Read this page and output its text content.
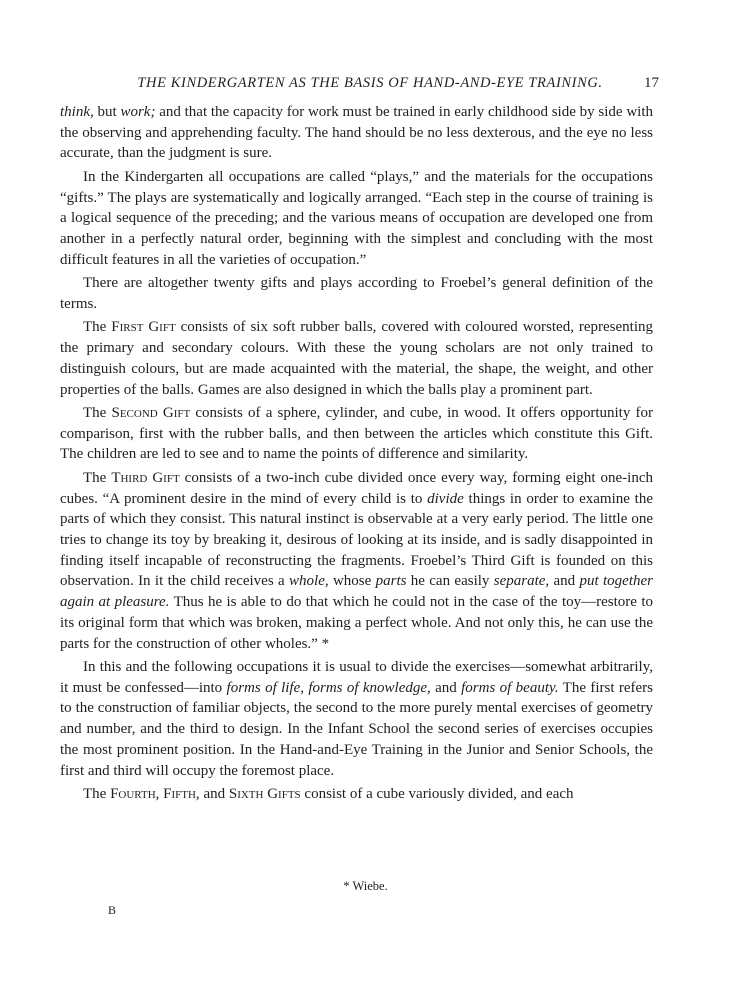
THE KINDERGARTEN AS THE BASIS OF HAND-AND-EYE TRAINING.	17

think, but work; and that the capacity for work must be trained in early childhood side by side with the observing and apprehending faculty. The hand should be no less dexterous, and the eye no less accurate, than the judgment is sure.

In the Kindergarten all occupations are called “plays,” and the materials for the occupations “gifts.” The plays are systematically and logically arranged. “Each step in the course of training is a logical sequence of the preceding; and the various means of occupation are developed one from another in a perfectly natural order, beginning with the simplest and concluding with the most difficult features in all the varieties of occupation.”

There are altogether twenty gifts and plays according to Froebel’s general definition of the terms.

The First Gift consists of six soft rubber balls, covered with coloured worsted, representing the primary and secondary colours. With these the young scholars are not only trained to distinguish colours, but are made acquainted with the material, the shape, the weight, and other properties of the balls. Games are also designed in which the balls play a prominent part.

The Second Gift consists of a sphere, cylinder, and cube, in wood. It offers opportunity for comparison, first with the rubber balls, and then between the articles which constitute this Gift. The children are led to see and to name the points of difference and similarity.

The Third Gift consists of a two-inch cube divided once every way, forming eight one-inch cubes. “A prominent desire in the mind of every child is to divide things in order to examine the parts of which they consist. This natural instinct is observable at a very early period. The little one tries to change its toy by breaking it, desirous of looking at its inside, and is sadly disappointed in finding itself incapable of reconstructing the fragments. Froebel’s Third Gift is founded on this observation. In it the child receives a whole, whose parts he can easily separate, and put together again at pleasure. Thus he is able to do that which he could not in the case of the toy—restore to its original form that which was broken, making a perfect whole. And not only this, he can use the parts for the construction of other wholes.” *

In this and the following occupations it is usual to divide the exercises—somewhat arbitrarily, it must be confessed—into forms of life, forms of knowledge, and forms of beauty. The first refers to the construction of familiar objects, the second to the more purely mental exercises of geometry and number, and the third to design. In the Infant School the second series of exercises occupies the most prominent position. In the Hand-and-Eye Training in the Junior and Senior Schools, the first and third will occupy the foremost place.

The Fourth, Fifth, and Sixth Gifts consist of a cube variously divided, and each

* Wiebe.
B
